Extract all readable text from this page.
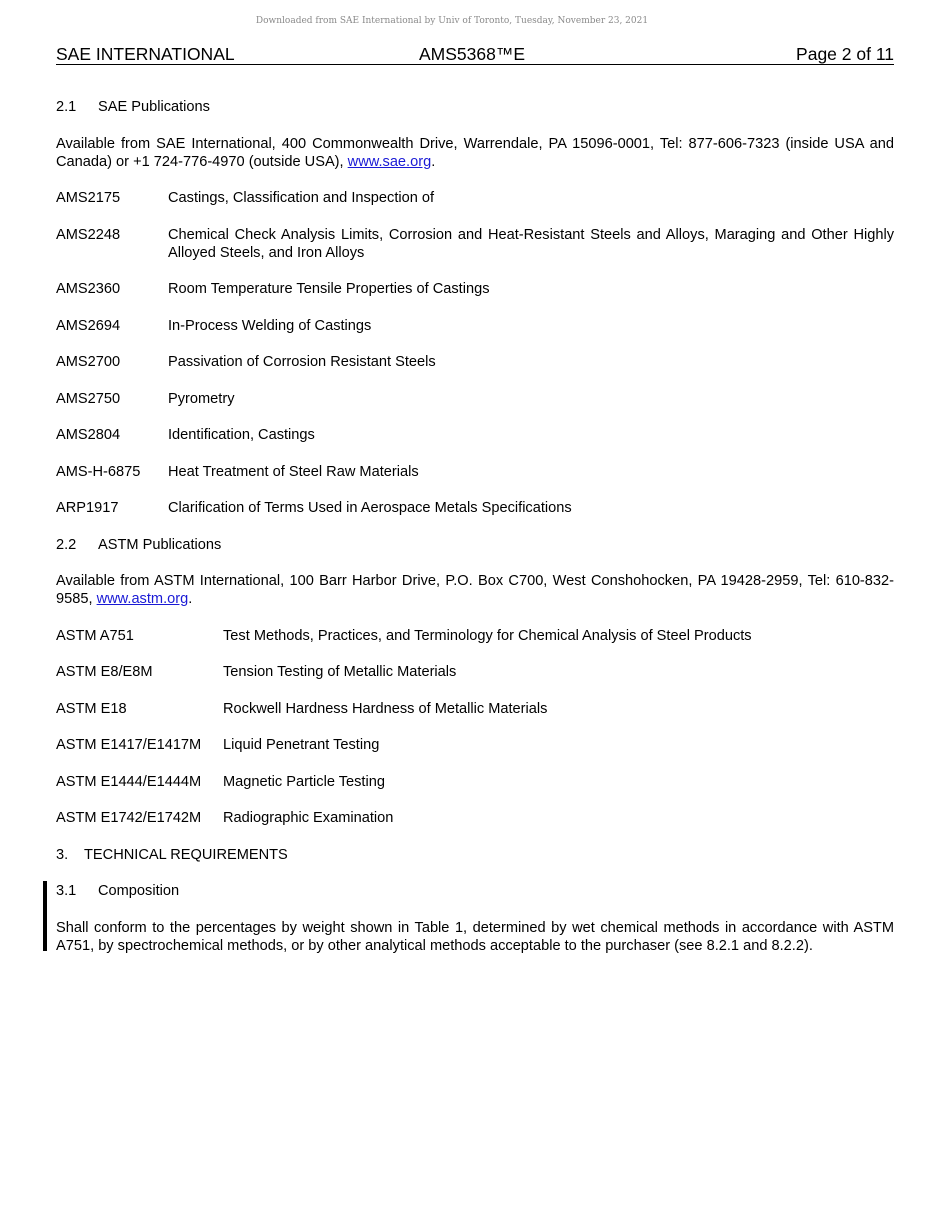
Downloaded from SAE International by Univ of Toronto, Tuesday, November 23, 2021
SAE INTERNATIONAL	AMS5368™E	Page 2 of 11
2.1 SAE Publications
Available from SAE International, 400 Commonwealth Drive, Warrendale, PA 15096-0001, Tel: 877-606-7323 (inside USA and Canada) or +1 724-776-4970 (outside USA), www.sae.org.
AMS2175	Castings, Classification and Inspection of
AMS2248	Chemical Check Analysis Limits, Corrosion and Heat-Resistant Steels and Alloys, Maraging and Other Highly Alloyed Steels, and Iron Alloys
AMS2360	Room Temperature Tensile Properties of Castings
AMS2694	In-Process Welding of Castings
AMS2700	Passivation of Corrosion Resistant Steels
AMS2750	Pyrometry
AMS2804	Identification, Castings
AMS-H-6875	Heat Treatment of Steel Raw Materials
ARP1917	Clarification of Terms Used in Aerospace Metals Specifications
2.2 ASTM Publications
Available from ASTM International, 100 Barr Harbor Drive, P.O. Box C700, West Conshohocken, PA 19428-2959, Tel: 610-832-9585, www.astm.org.
ASTM A751	Test Methods, Practices, and Terminology for Chemical Analysis of Steel Products
ASTM E8/E8M	Tension Testing of Metallic Materials
ASTM E18	Rockwell Hardness Hardness of Metallic Materials
ASTM E1417/E1417M	Liquid Penetrant Testing
ASTM E1444/E1444M	Magnetic Particle Testing
ASTM E1742/E1742M	Radiographic Examination
3. TECHNICAL REQUIREMENTS
3.1 Composition
Shall conform to the percentages by weight shown in Table 1, determined by wet chemical methods in accordance with ASTM A751, by spectrochemical methods, or by other analytical methods acceptable to the purchaser (see 8.2.1 and 8.2.2).
